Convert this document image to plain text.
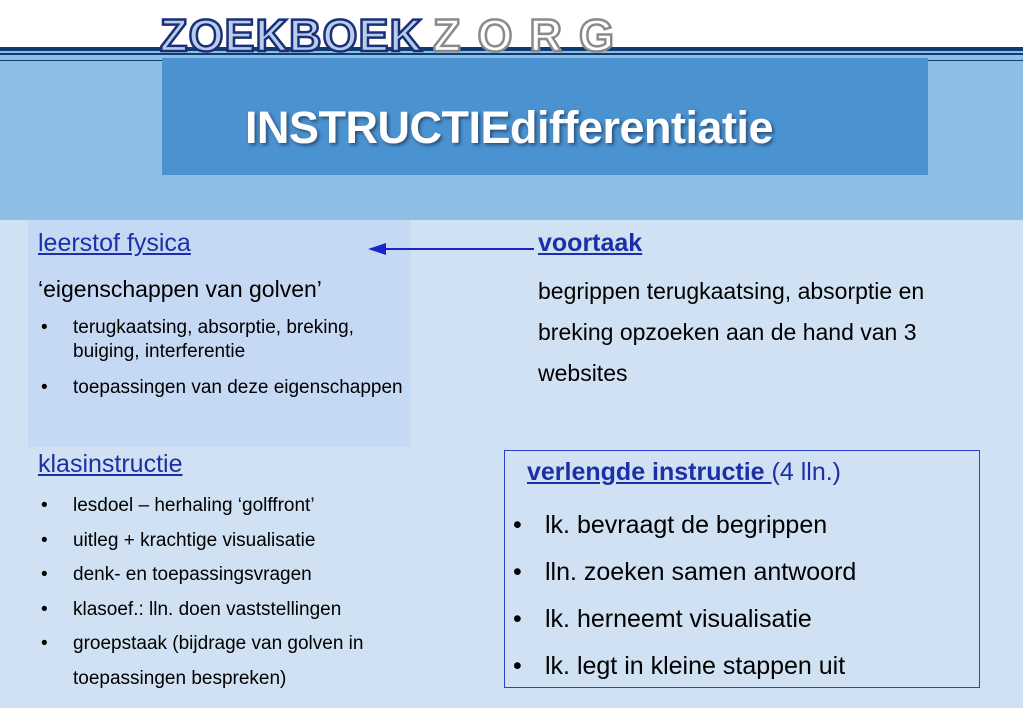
ZOEKBOEK ZORG
INSTRUCTIEdifferentiatie
leerstof fysica
‘eigenschappen van golven’
• terugkaatsing, absorptie, breking, buiging, interferentie
• toepassingen van deze eigenschappen
klasinstructie
• lesdoel – herhaling ‘golffront’
• uitleg + krachtige visualisatie
• denk- en toepassingsvragen
• klasoef.: lln. doen vaststellingen
• groepstaak (bijdrage van golven in toepassingen bespreken)
voortaak
begrippen terugkaatsing, absorptie en breking opzoeken aan de hand van 3 websites
verlengde instructie (4 lln.)
• lk. bevraagt de begrippen
• lln. zoeken samen antwoord
• lk. herneemt visualisatie
• lk. legt in kleine stappen uit
